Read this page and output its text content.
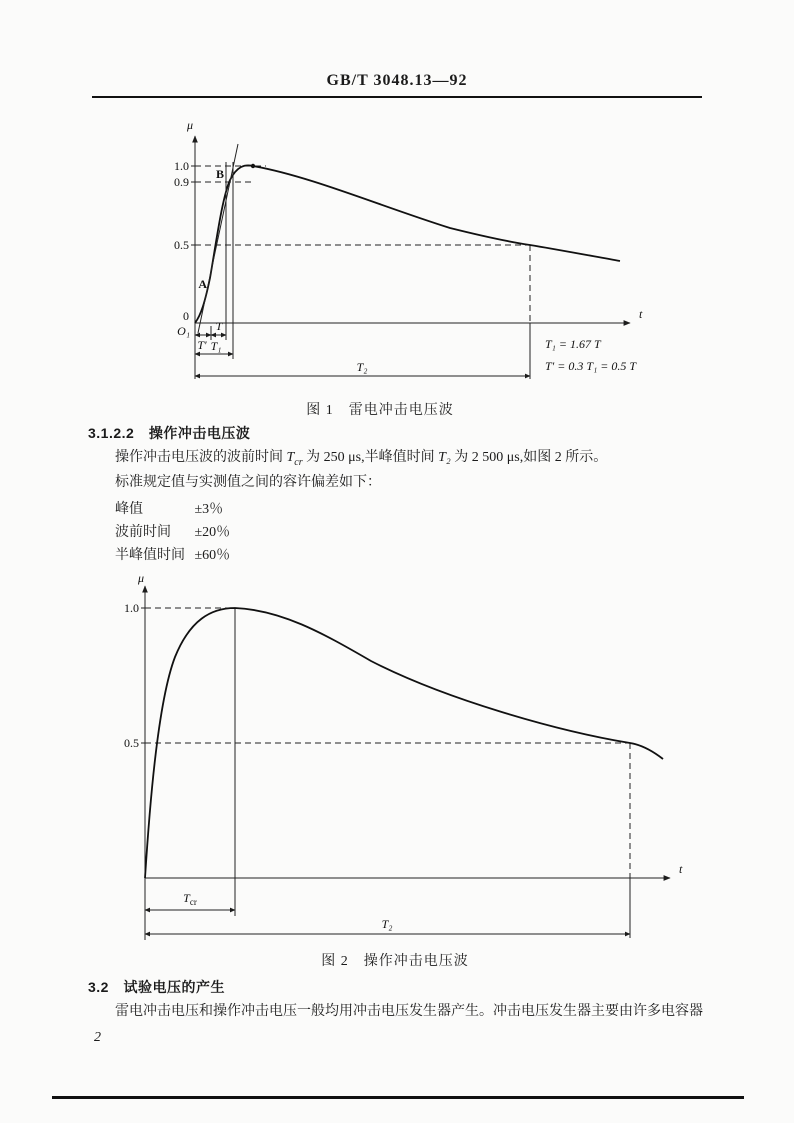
GB/T 3048.13—92
μ
t
1.0
0.9
0.5
0
O₁
A
B
T′
T
T₁
T₂
T₁ = 1.67 T
T′ = 0.3 T₁ = 0.5 T
图 1　雷电冲击电压波
3.1.2.2　操作冲击电压波
操作冲击电压波的波前时间 $T_{cr}$ 为 250 μs,半峰值时间 T₂ 为 2 500 μs,如图 2 所示。
标准规定值与实测值之间的容许偏差如下：
峰值	±3％
波前时间 ±20％
半峰值时间 ±60％
μ
t
1.0
0.5
$T_{cr}$
T₂
图 2　操作冲击电压波
3.2　试验电压的产生
雷电冲击电压和操作冲击电压一般均用冲击电压发生器产生。冲击电压发生器主要由许多电容器
2
